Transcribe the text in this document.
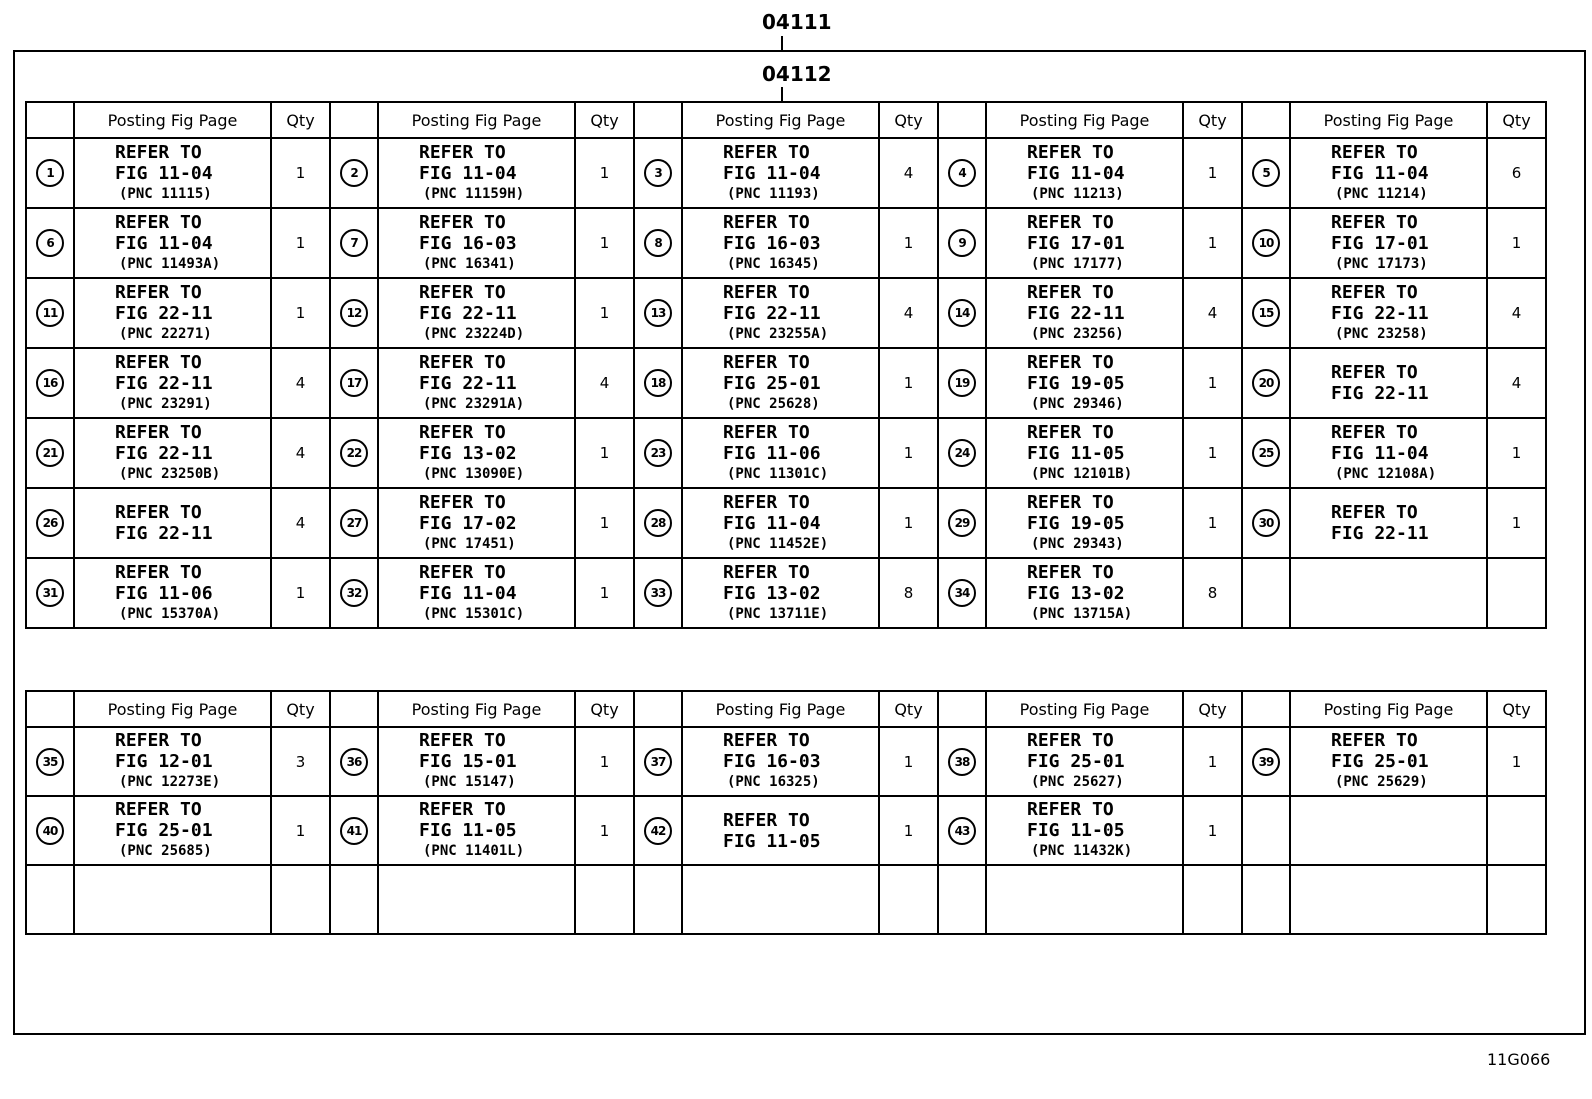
04111
04112
	Posting Fig Page	Qty		Posting Fig Page	Qty		Posting Fig Page	Qty		Posting Fig Page	Qty		Posting Fig Page	Qty
1	REFER TO
FIG 11-04
(PNC 11115)	1	2	REFER TO
FIG 11-04
(PNC 11159H)	1	3	REFER TO
FIG 11-04
(PNC 11193)	4	4	REFER TO
FIG 11-04
(PNC 11213)	1	5	REFER TO
FIG 11-04
(PNC 11214)	6
6	REFER TO
FIG 11-04
(PNC 11493A)	1	7	REFER TO
FIG 16-03
(PNC 16341)	1	8	REFER TO
FIG 16-03
(PNC 16345)	1	9	REFER TO
FIG 17-01
(PNC 17177)	1	10	REFER TO
FIG 17-01
(PNC 17173)	1
11	REFER TO
FIG 22-11
(PNC 22271)	1	12	REFER TO
FIG 22-11
(PNC 23224D)	1	13	REFER TO
FIG 22-11
(PNC 23255A)	4	14	REFER TO
FIG 22-11
(PNC 23256)	4	15	REFER TO
FIG 22-11
(PNC 23258)	4
16	REFER TO
FIG 22-11
(PNC 23291)	4	17	REFER TO
FIG 22-11
(PNC 23291A)	4	18	REFER TO
FIG 25-01
(PNC 25628)	1	19	REFER TO
FIG 19-05
(PNC 29346)	1	20	REFER TO
FIG 22-11	4
21	REFER TO
FIG 22-11
(PNC 23250B)	4	22	REFER TO
FIG 13-02
(PNC 13090E)	1	23	REFER TO
FIG 11-06
(PNC 11301C)	1	24	REFER TO
FIG 11-05
(PNC 12101B)	1	25	REFER TO
FIG 11-04
(PNC 12108A)	1
26	REFER TO
FIG 22-11	4	27	REFER TO
FIG 17-02
(PNC 17451)	1	28	REFER TO
FIG 11-04
(PNC 11452E)	1	29	REFER TO
FIG 19-05
(PNC 29343)	1	30	REFER TO
FIG 22-11	1
31	REFER TO
FIG 11-06
(PNC 15370A)	1	32	REFER TO
FIG 11-04
(PNC 15301C)	1	33	REFER TO
FIG 13-02
(PNC 13711E)	8	34	REFER TO
FIG 13-02
(PNC 13715A)	8			
	Posting Fig Page	Qty		Posting Fig Page	Qty		Posting Fig Page	Qty		Posting Fig Page	Qty		Posting Fig Page	Qty
35	REFER TO
FIG 12-01
(PNC 12273E)	3	36	REFER TO
FIG 15-01
(PNC 15147)	1	37	REFER TO
FIG 16-03
(PNC 16325)	1	38	REFER TO
FIG 25-01
(PNC 25627)	1	39	REFER TO
FIG 25-01
(PNC 25629)	1
40	REFER TO
FIG 25-01
(PNC 25685)	1	41	REFER TO
FIG 11-05
(PNC 11401L)	1	42	REFER TO
FIG 11-05	1	43	REFER TO
FIG 11-05
(PNC 11432K)	1			

11G066
